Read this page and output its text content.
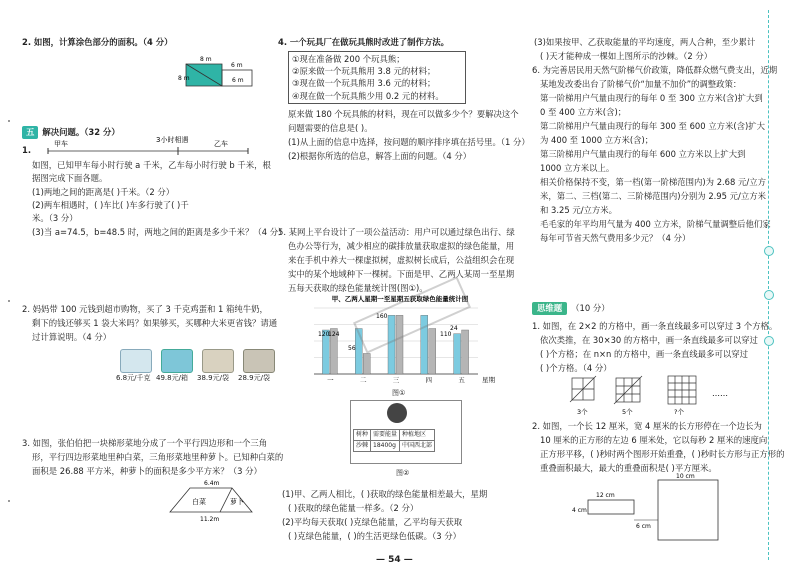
2. 如图，计算涂色部分的面积。（4 分）
8 m
6 m
8 m	6 m
五 解决问题。（32 分）
1.
甲车	3小时相遇	乙车
如图，已知甲车每小时行驶 a 千米，乙车每小时行驶 b 千米，根
据图完成下面各题。
(1)两地之间的距离是( )千米。（2 分）
(2)两车相遇时，( )车比( )车多行驶了( )千
米。（3 分）
(3)当 a=74.5，b=48.5 时，两地之间的距离是多少千米？（4 分）
2. 妈妈带 100 元钱到超市购物，买了 3 千克鸡蛋和 1 箱纯牛奶，
剩下的钱还够买 1 袋大米吗？如果够买，买哪种大米更省钱？请通
过计算说明。（4 分）
6.8元/千克 49.8元/箱 38.9元/袋 28.9元/袋
3. 如图，张伯伯把一块梯形菜地分成了一个平行四边形和一个三角
形，平行四边形菜地里种白菜，三角形菜地里种萝卜。已知种白菜的
面积是 26.88 平方米，种萝卜的面积是多少平方米？（3 分）
6.4m
白菜	萝卜
11.2m
4. 一个玩具厂在做玩具熊时改进了制作方法。
①现在准备做 200 个玩具熊；
②原来做一个玩具熊用 3.8 元的材料；
③现在做一个玩具熊用 3.6 元的材料；
④现在做一个玩具熊少用 0.2 元的材料。
原来做 180 个玩具熊的材料，现在可以做多少个？要解决这个
问题需要的信息是( )。
(1)从上面的信息中选择，按问题的顺序排序填在括号里。（1 分）
(2)根据你所选的信息，解答上面的问题。（4 分）
5. 某网上平台设计了一项公益活动：用户可以通过绿色出行、绿
色办公等行为，减少相应的碳排放量获取虚拟的绿色能量，用
来在手机中养大一棵虚拟树，虚拟树长成后，公益组织会在现
实中的某个地域种下一棵树。下面是甲、乙两人某周一至星期
五每天获取的绿色能量统计图(图①)。
甲、乙两人星期一至星期五获取绿色能量统计图
一	二	三	四	五
120
124
56
160
110
24
星期
图①
树种	需要能量	种植地区
沙棘	18400g	中国西北部
图②
(1)甲、乙两人相比，( )获取的绿色能量相差最大，星期
( )获取的绿色能量一样多。（2 分）
(2)平均每天获取( )克绿色能量，乙平均每天获取
( )克绿色能量，( )的生活更绿色低碳。（3 分）
(3)如果按甲、乙获取能量的平均速度，两人合种，至少累计
( )天才能种成一棵如上图所示的沙棘。（2 分）
6. 为完善居民用天然气阶梯气价政策，降低群众燃气费支出，近期
某地发改委出台了阶梯气价“加量不加价”的调整政策：
第一阶梯用户气量由现行的每年 0 至 300 立方米(含)扩大到
0 至 400 立方米(含)；
第二阶梯用户气量由现行的每年 300 至 600 立方米(含)扩大
为 400 至 1000 立方米(含)；
第三阶梯用户气量由现行的每年 600 立方米以上扩大到
1000 立方米以上。
相关价格保持不变，第一档(第一阶梯范围内)为 2.68 元/立方
米，第二、三档(第二、三阶梯范围内)分别为 2.95 元/立方米
和 3.25 元/立方米。
毛毛家的年平均用气量为 400 立方米，阶梯气量调整后他们家
每年可节省天然气费用多少元？（4 分）
思维题 （10 分）
1. 如图，在 2×2 的方格中，画一条直线最多可以穿过 3 个方格。
依次类推，在 30×30 的方格中，画一条直线最多可以穿过
( )个方格；在 n×n 的方格中，画一条直线最多可以穿过
( )个方格。（4 分）
3个	5个	?个
……
2. 如图，一个长 12 厘米，宽 4 厘米的长方形停在一个边长为
10 厘米的正方形的左边 6 厘米处，它以每秒 2 厘米的速度向
正方形平移，( )秒时两个图形开始重叠，( )秒时长方形与正方形的
重叠面积最大，最大的重叠面积是( )平方厘米。
12 cm
4 cm
6 cm
10 cm
— 54 —
